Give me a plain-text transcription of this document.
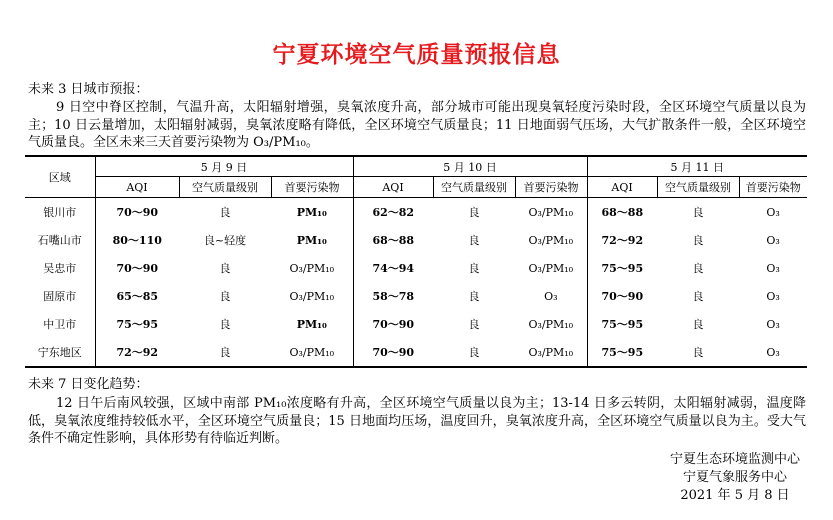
宁夏环境空气质量预报信息
未来 3 日城市预报：
9 日空中脊区控制，气温升高，太阳辐射增强，臭氧浓度升高，部分城市可能出现臭氧轻度污染时段，全区环境空气质量以良为主；10 日云量增加，太阳辐射减弱，臭氧浓度略有降低，全区环境空气质量良；11 日地面弱气压场，大气扩散条件一般，全区环境空气质量良。全区未来三天首要污染物为 O₃/PM₁₀。
区域	5 月 9 日			5 月 10 日			5 月 11 日		
	AQI	空气质量级别	首要污染物	AQI	空气质量级别	首要污染物	AQI	空气质量级别	首要污染物
银川市	70～90	良	PM₁₀	62～82	良	O₃/PM₁₀	68～88	良	O₃
石嘴山市	80～110	良~轻度	PM₁₀	68～88	良	O₃/PM₁₀	72～92	良	O₃
吴忠市	70～90	良	O₃/PM₁₀	74～94	良	O₃/PM₁₀	75～95	良	O₃
固原市	65～85	良	O₃/PM₁₀	58～78	良	O₃	70～90	良	O₃
中卫市	75～95	良	PM₁₀	70～90	良	O₃/PM₁₀	75～95	良	O₃
宁东地区	72～92	良	O₃/PM₁₀	70～90	良	O₃/PM₁₀	75～95	良	O₃
未来 7 日变化趋势：
12 日午后南风较强，区域中南部 PM₁₀浓度略有升高，全区环境空气质量以良为主；13-14 日多云转阴，太阳辐射减弱，温度降低，臭氧浓度维持较低水平，全区环境空气质量良；15 日地面均压场，温度回升，臭氧浓度升高，全区环境空气质量以良为主。受大气条件不确定性影响，具体形势有待临近判断。
宁夏生态环境监测中心
宁夏气象服务中心
2021 年 5 月 8 日
